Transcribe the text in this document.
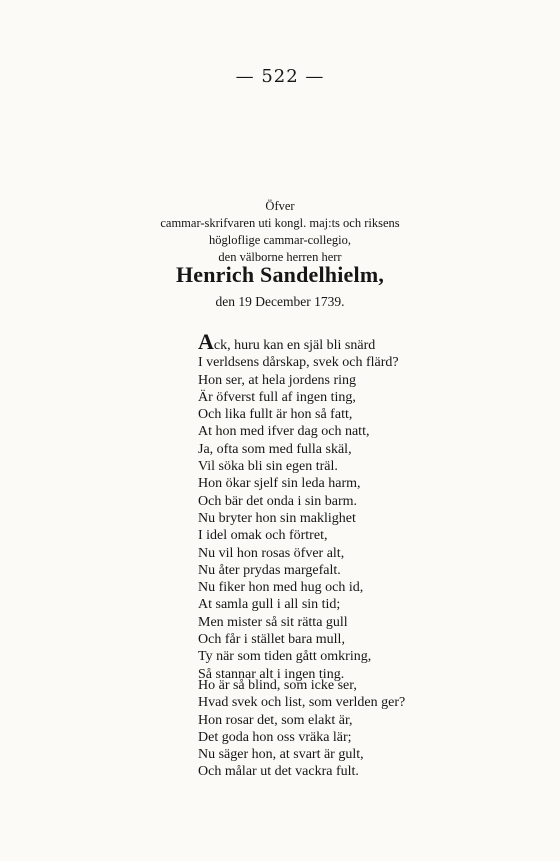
— 522 —
Öfver
cammar-skrifvaren uti kongl. maj:ts och riksens
högloflige cammar-collegio,
den välborne herren herr
Henrich Sandelhielm,
den 19 December 1739.
Ack, huru kan en själ bli snärd
I verldsens dårskap, svek och flärd?
Hon ser, at hela jordens ring
Är öfverst full af ingen ting,
Och lika fullt är hon så fatt,
At hon med ifver dag och natt,
Ja, ofta som med fulla skäl,
Vil söka bli sin egen träl.
Hon ökar sjelf sin leda harm,
Och bär det onda i sin barm.
Nu bryter hon sin maklighet
I idel omak och förtret,
Nu vil hon rosas öfver alt,
Nu åter prydas margefalt.
Nu fiker hon med hug och id,
At samla gull i all sin tid;
Men mister så sit rätta gull
Och får i stället bara mull,
Ty när som tiden gått omkring,
Så stannar alt i ingen ting.
Ho är så blind, som icke ser,
Hvad svek och list, som verlden ger?
Hon rosar det, som elakt är,
Det goda hon oss vräka lär;
Nu säger hon, at svart är gult,
Och målar ut det vackra fult.
